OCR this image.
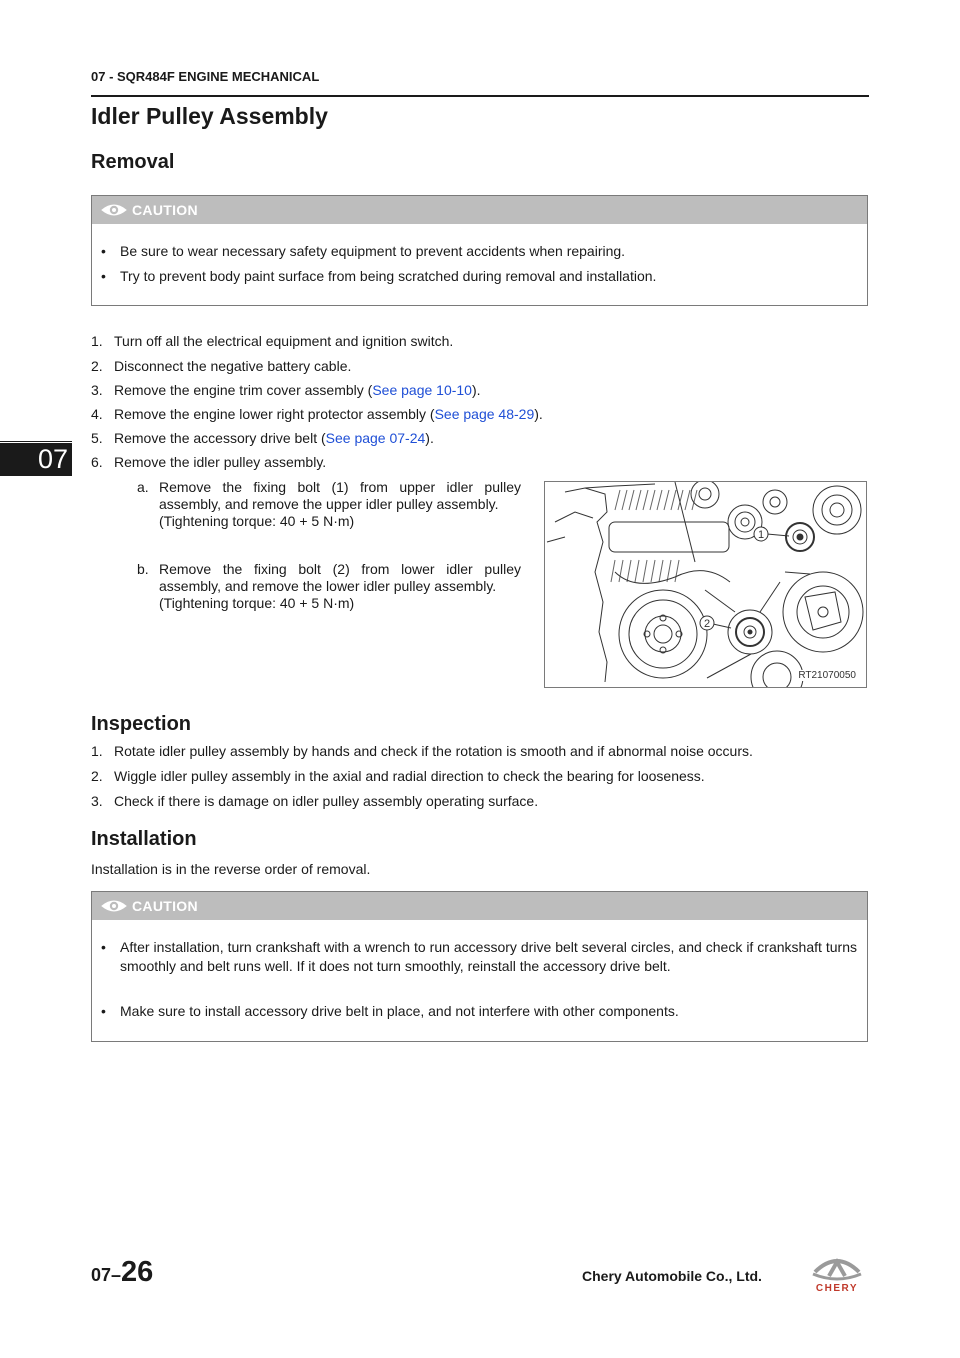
07 - SQR484F ENGINE MECHANICAL
07
Idler Pulley Assembly
Removal
CAUTION
• Be sure to wear necessary safety equipment to prevent accidents when repairing.
• Try to prevent body paint surface from being scratched during removal and installation.
1. Turn off all the electrical equipment and ignition switch.
2. Disconnect the negative battery cable.
3. Remove the engine trim cover assembly (See page 10-10).
4. Remove the engine lower right protector assembly (See page 48-29).
5. Remove the accessory drive belt (See page 07-24).
6. Remove the idler pulley assembly.
a. Remove the fixing bolt (1) from upper idler pulley assembly, and remove the upper idler pulley assembly.
(Tightening torque: 40 + 5 N·m)
b. Remove the fixing bolt (2) from lower idler pulley assembly, and remove the lower idler pulley assembly.
(Tightening torque: 40 + 5 N·m)
1
2
RT21070050
Inspection
1. Rotate idler pulley assembly by hands and check if the rotation is smooth and if abnormal noise occurs.
2. Wiggle idler pulley assembly in the axial and radial direction to check the bearing for looseness.
3. Check if there is damage on idler pulley assembly operating surface.
Installation
Installation is in the reverse order of removal.
CAUTION
• After installation, turn crankshaft with a wrench to run accessory drive belt several circles, and check if crankshaft turns smoothly and belt runs well. If it does not turn smoothly, reinstall the accessory drive belt.
• Make sure to install accessory drive belt in place, and not interfere with other components.
07–26	Chery Automobile Co., Ltd.
CHERY
